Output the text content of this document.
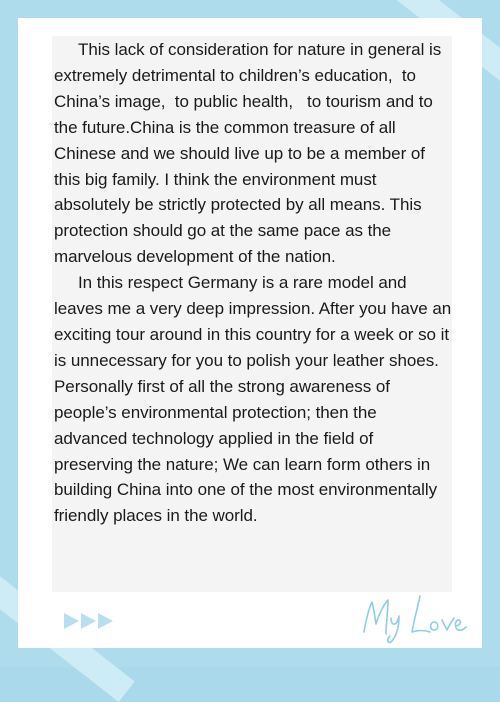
This lack of consideration for nature in general is extremely detrimental to children’s education,  to China’s image,  to public health,   to tourism and to the future.China is the common treasure of all Chinese and we should live up to be a member of this big family. I think the environment must absolutely be strictly protected by all means. This protection should go at the same pace as the marvelous development of the nation.

In this respect Germany is a rare model and leaves me a very deep impression. After you have an exciting tour around in this country for a week or so it is unnecessary for you to polish your leather shoes. Personally first of all the strong awareness of people’s environmental protection; then the advanced technology applied in the field of preserving the nature; We can learn form others in building China into one of the most environmentally friendly places in the world.
